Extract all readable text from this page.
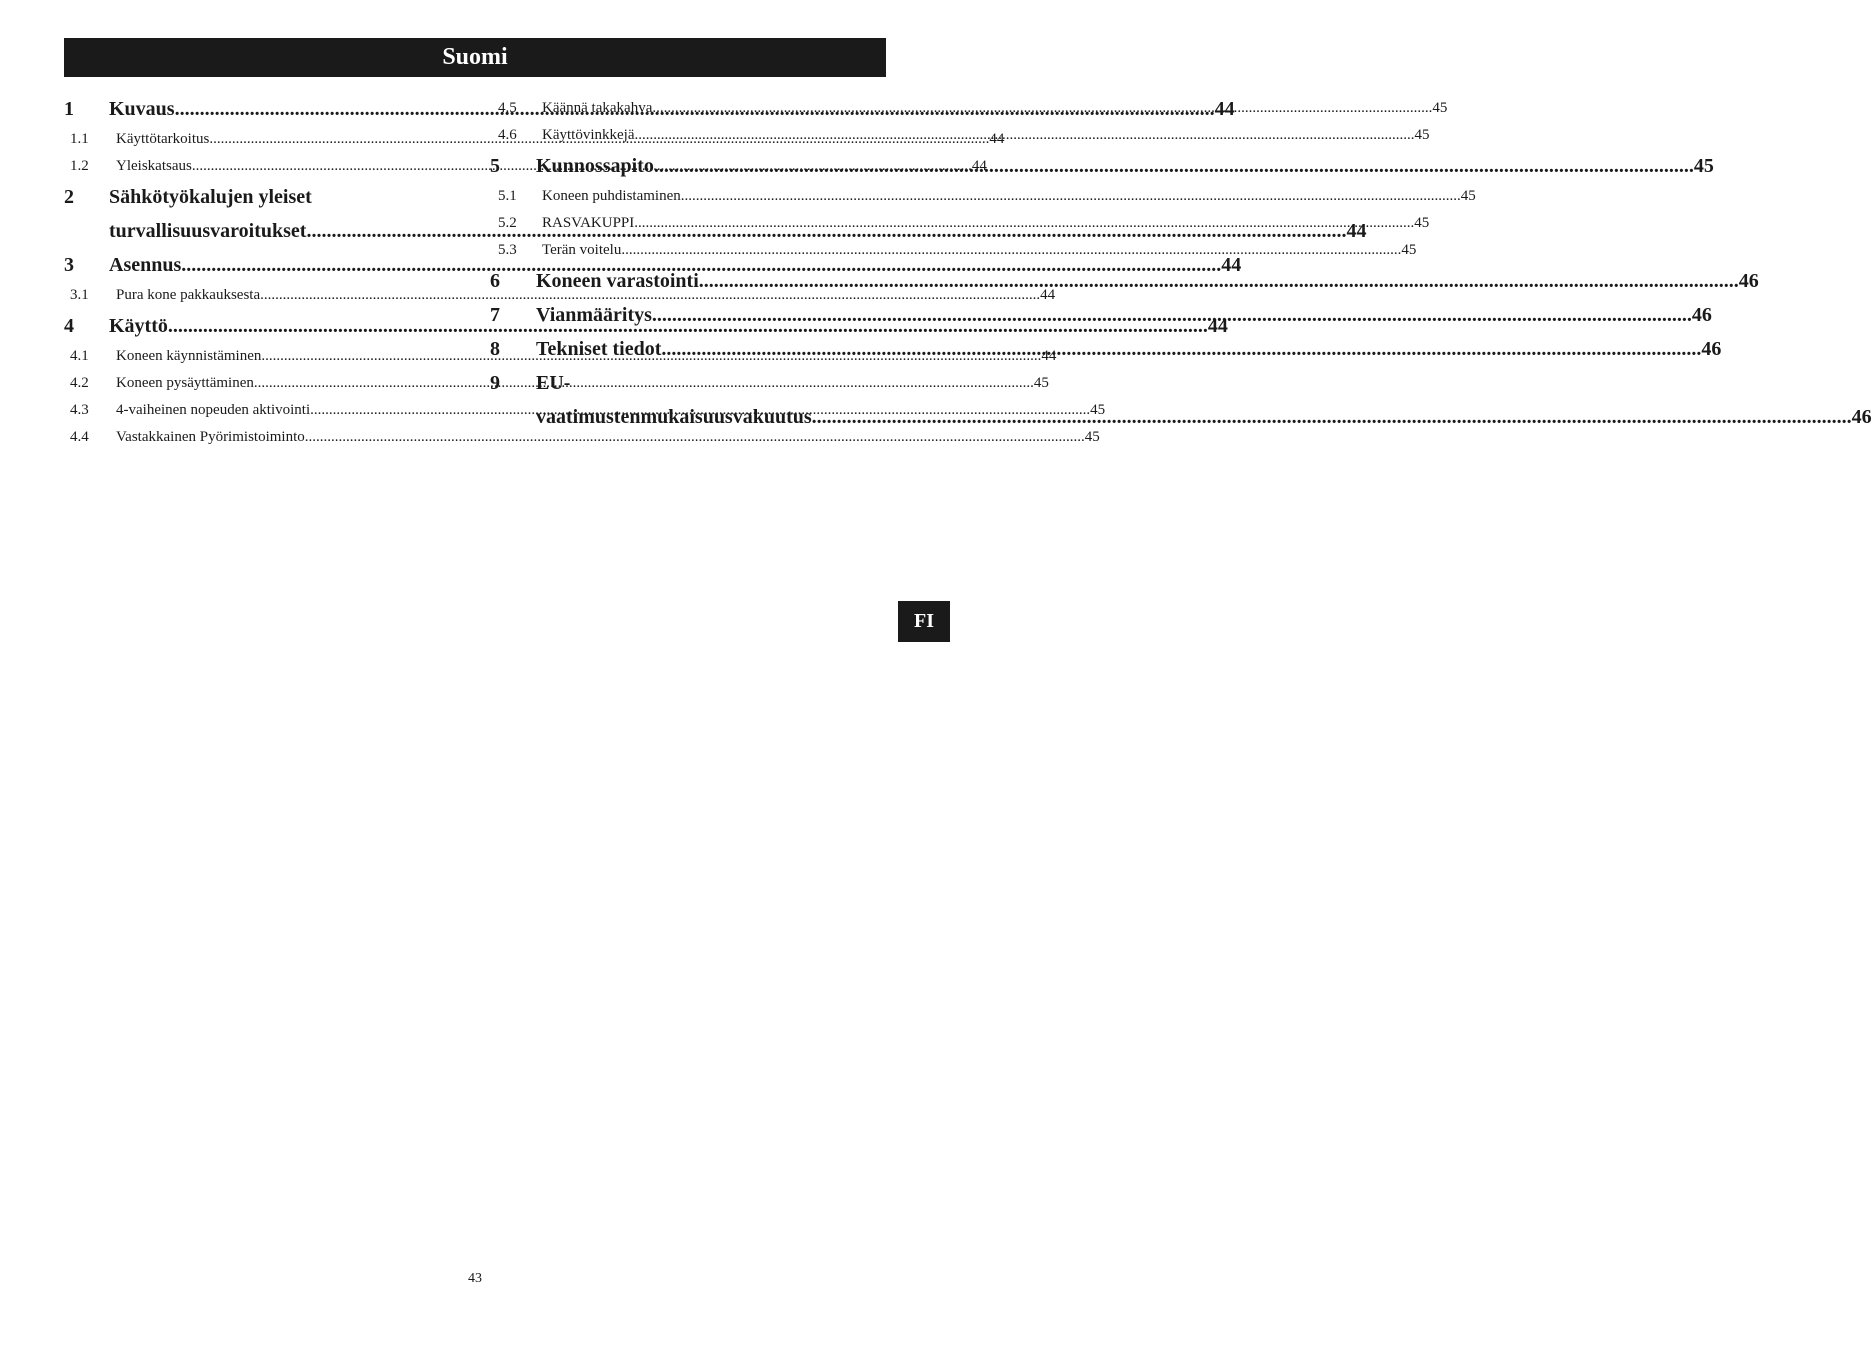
Suomi
1	Kuvaus .....	44
1.1	Käyttötarkoitus .....	44
1.2	Yleiskatsaus .....	44
2	Sähkötyökalujen yleiset
turvallisuusvaroitukset .....	44
3	Asennus .....	44
3.1	Pura kone pakkauksesta .....	44
4	Käyttö .....	44
4.1	Koneen käynnistäminen .....	44
4.2	Koneen pysäyttäminen .....	45
4.3	4-vaiheinen nopeuden aktivointi .....	45
4.4	Vastakkainen Pyörimistoiminto .....	45
4.5	Käännä takakahva .....	45
4.6	Käyttövinkkejä .....	45
5	Kunnossapito .....	45
5.1	Koneen puhdistaminen .....	45
5.2	RASVAKUPPI .....	45
5.3	Terän voitelu .....	45
6	Koneen varastointi .....	46
7	Vianmääritys .....	46
8	Tekniset tiedot .....	46
9	EU-
vaatimustenmukaisuusvakuutus .....	46
FI
43
